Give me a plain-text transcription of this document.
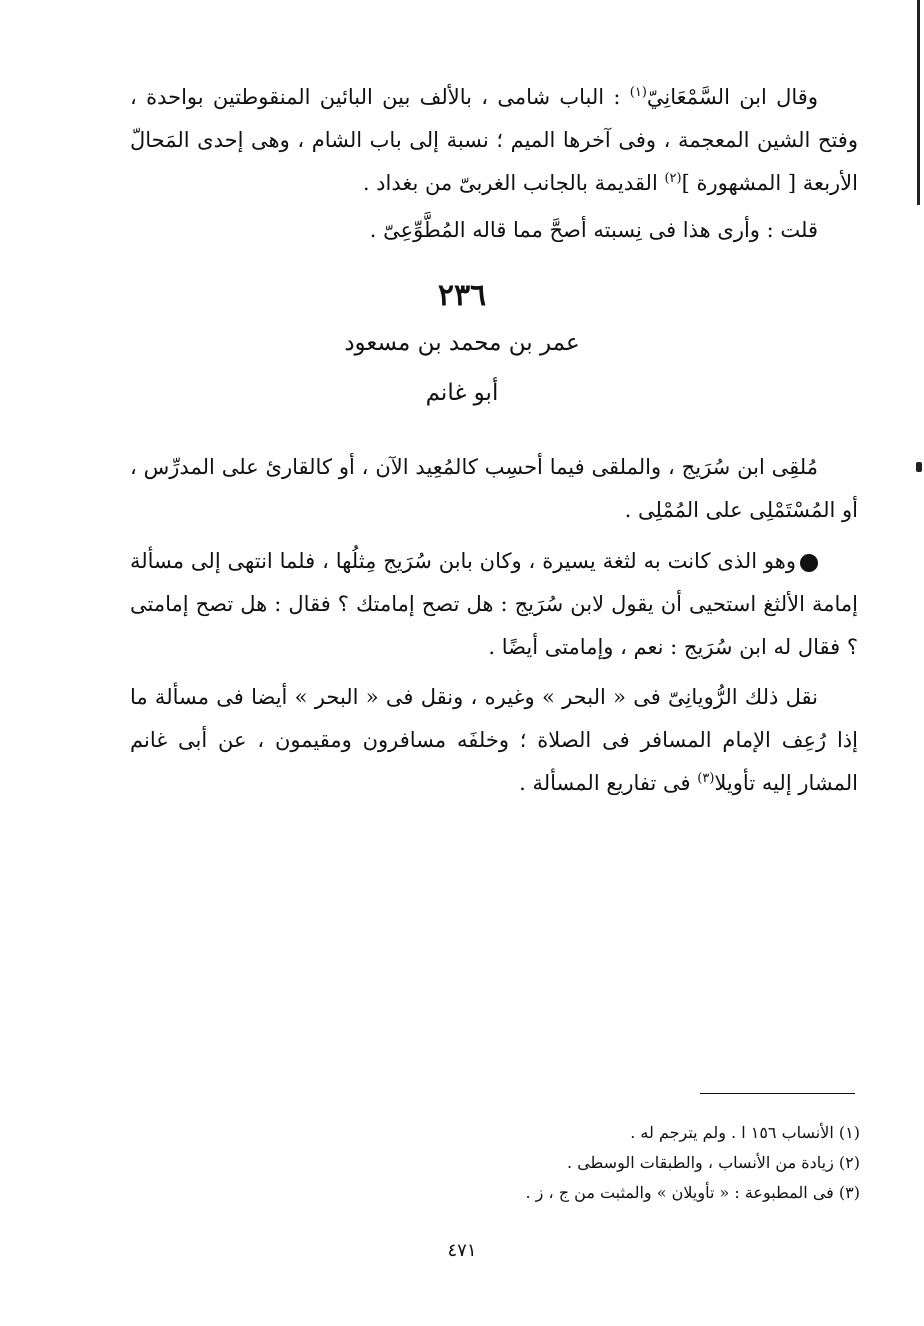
وقال ابن السَّمْعَانِيّ$^{(١)}$ : الباب شامى ، بالألف بين البائين المنقوطتين بواحدة ، وفتح الشين المعجمة ، وفى آخرها الميم ؛ نسبة إلى باب الشام ، وهى إحدى المَحالّ الأربعة [ المشهورة ]$^{(٢)}$ القديمة بالجانب الغربىّ من بغداد .

قلت : وأرى هذا فى نِسبته أصحَّ مما قاله المُطَّوِّعِىّ .

٢٣٦
عمر بن محمد بن مسعود
أبو غانم

مُلقِى ابن سُرَيج ، والملقى فيما أحسِب كالمُعِيد الآن ، أو كالقارئ على المدرِّس ، أو المُسْتَمْلِى على المُمْلِى .

وهو الذى كانت به لثغة يسيرة ، وكان بابن سُرَيج مِثلُها ، فلما انتهى إلى مسألة إمامة الألثغ استحيى أن يقول لابن سُرَيج : هل تصح إمامتك ؟ فقال : هل تصح إمامتى ؟ فقال له ابن سُرَيج : نعم ، وإمامتى أيضًا .

نقل ذلك الرُّويانِىّ فى « البحر » وغيره ، ونقل فى « البحر » أيضا فى مسألة ما إذا رُعِف الإمام المسافر فى الصلاة ؛ وخلفَه مسافرون ومقيمون ، عن أبى غانم المشار إليه تأويلا$^{(٣)}$ فى تفاريع المسألة .

(١) الأنساب ١٥٦ ا . ولم يترجم له .
(٢) زيادة من الأنساب ، والطبقات الوسطى .
(٣) فى المطبوعة : « تأويلان » والمثبت من ج ، ز .
٤٧١
